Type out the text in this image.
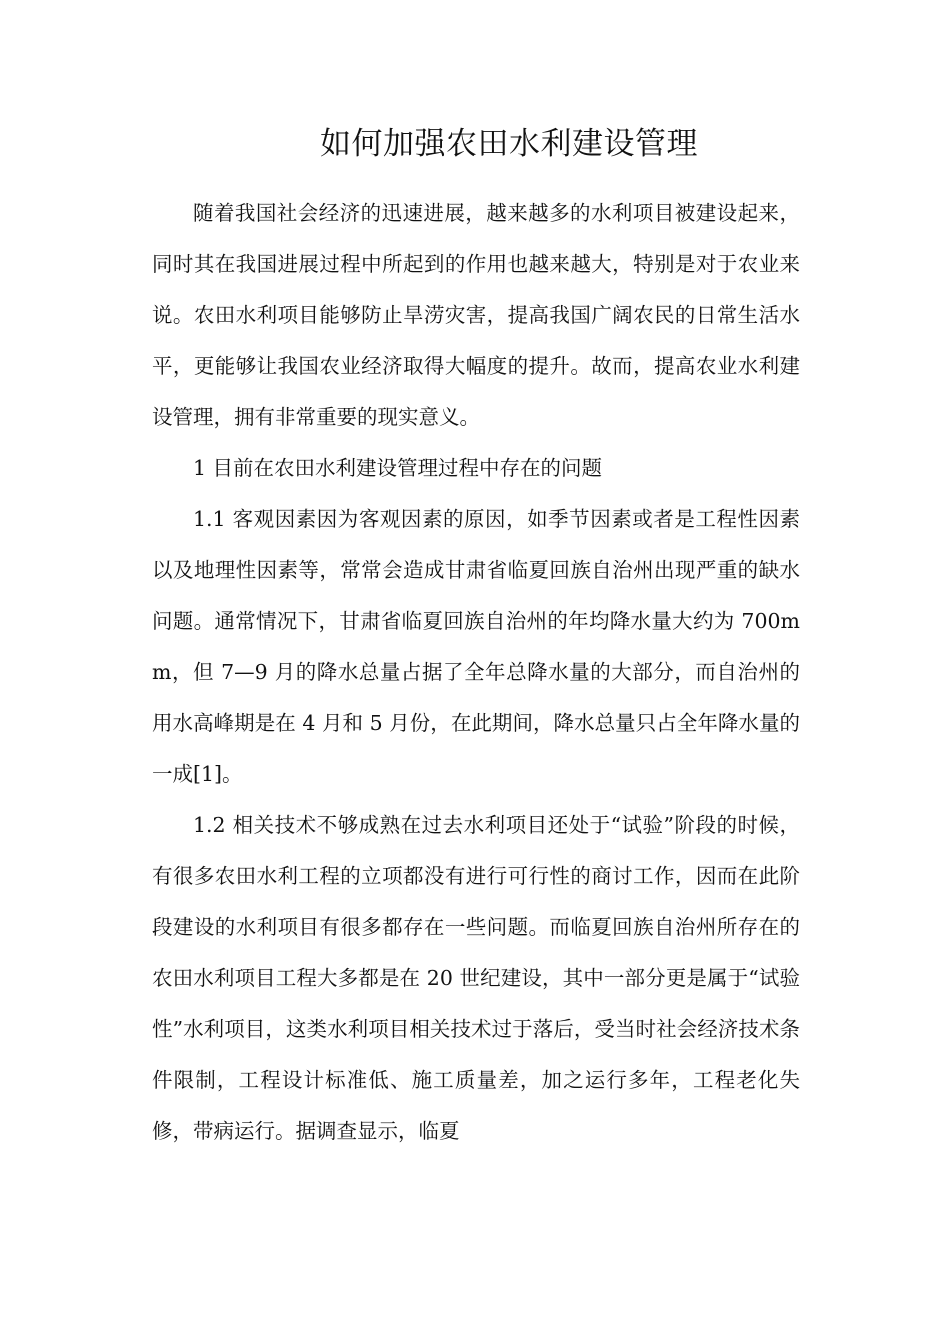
如何加强农田水利建设管理

随着我国社会经济的迅速进展，越来越多的水利项目被建设起来，同时其在我国进展过程中所起到的作用也越来越大，特别是对于农业来说。农田水利项目能够防止旱涝灾害，提高我国广阔农民的日常生活水平，更能够让我国农业经济取得大幅度的提升。故而，提高农业水利建设管理，拥有非常重要的现实意义。

1 目前在农田水利建设管理过程中存在的问题

1.1 客观因素因为客观因素的原因，如季节因素或者是工程性因素以及地理性因素等，常常会造成甘肃省临夏回族自治州出现严重的缺水问题。通常情况下，甘肃省临夏回族自治州的年均降水量大约为 700mm，但 7—9 月的降水总量占据了全年总降水量的大部分，而自治州的用水高峰期是在 4 月和 5 月份，在此期间，降水总量只占全年降水量的一成[1]。

1.2 相关技术不够成熟在过去水利项目还处于“试验”阶段的时候，有很多农田水利工程的立项都没有进行可行性的商讨工作，因而在此阶段建设的水利项目有很多都存在一些问题。而临夏回族自治州所存在的农田水利项目工程大多都是在 20 世纪建设，其中一部分更是属于“试验性”水利项目，这类水利项目相关技术过于落后，受当时社会经济技术条件限制，工程设计标准低、施工质量差，加之运行多年，工程老化失修，带病运行。据调查显示，临夏
